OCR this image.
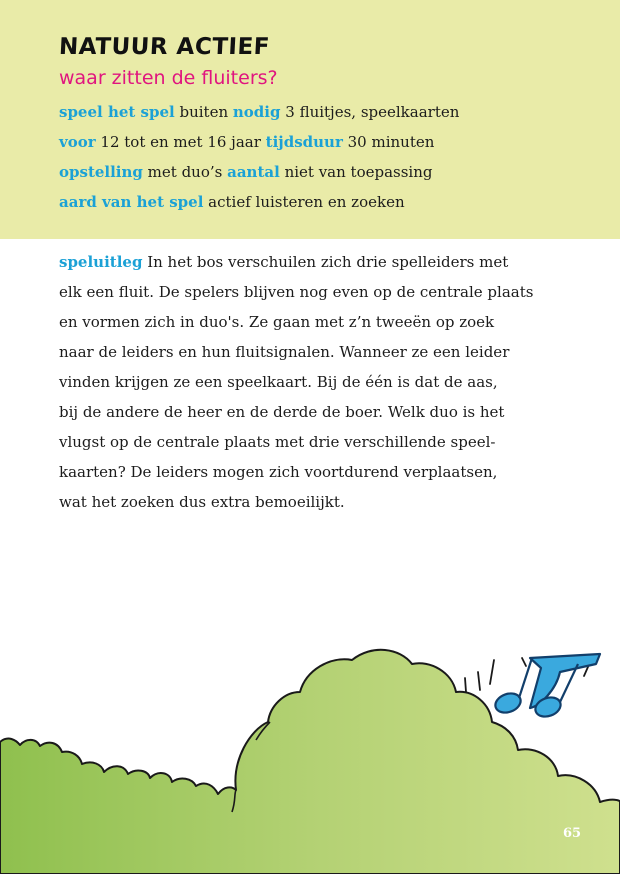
NATUUR ACTIEF
waar zitten de fluiters?
speel het spel buiten nodig 3 fluitjes, speelkaarten
voor 12 tot en met 16 jaar tijdsduur 30 minuten
opstelling met duo’s aantal niet van toepassing
aard van het spel actief luisteren en zoeken
speluitleg In het bos verschuilen zich drie spelleiders met
elk een fluit. De spelers blijven nog even op de centrale plaats
en vormen zich in duo's. Ze gaan met z’n tweeën op zoek
naar de leiders en hun fluitsignalen. Wanneer ze een leider
vinden krijgen ze een speelkaart. Bij de één is dat de aas,
bij de andere de heer en de derde de boer. Welk duo is het
vlugst op de centrale plaats met drie verschillende speel-
kaarten? De leiders mogen zich voortdurend verplaatsen,
wat het zoeken dus extra bemoeilijkt.
65
